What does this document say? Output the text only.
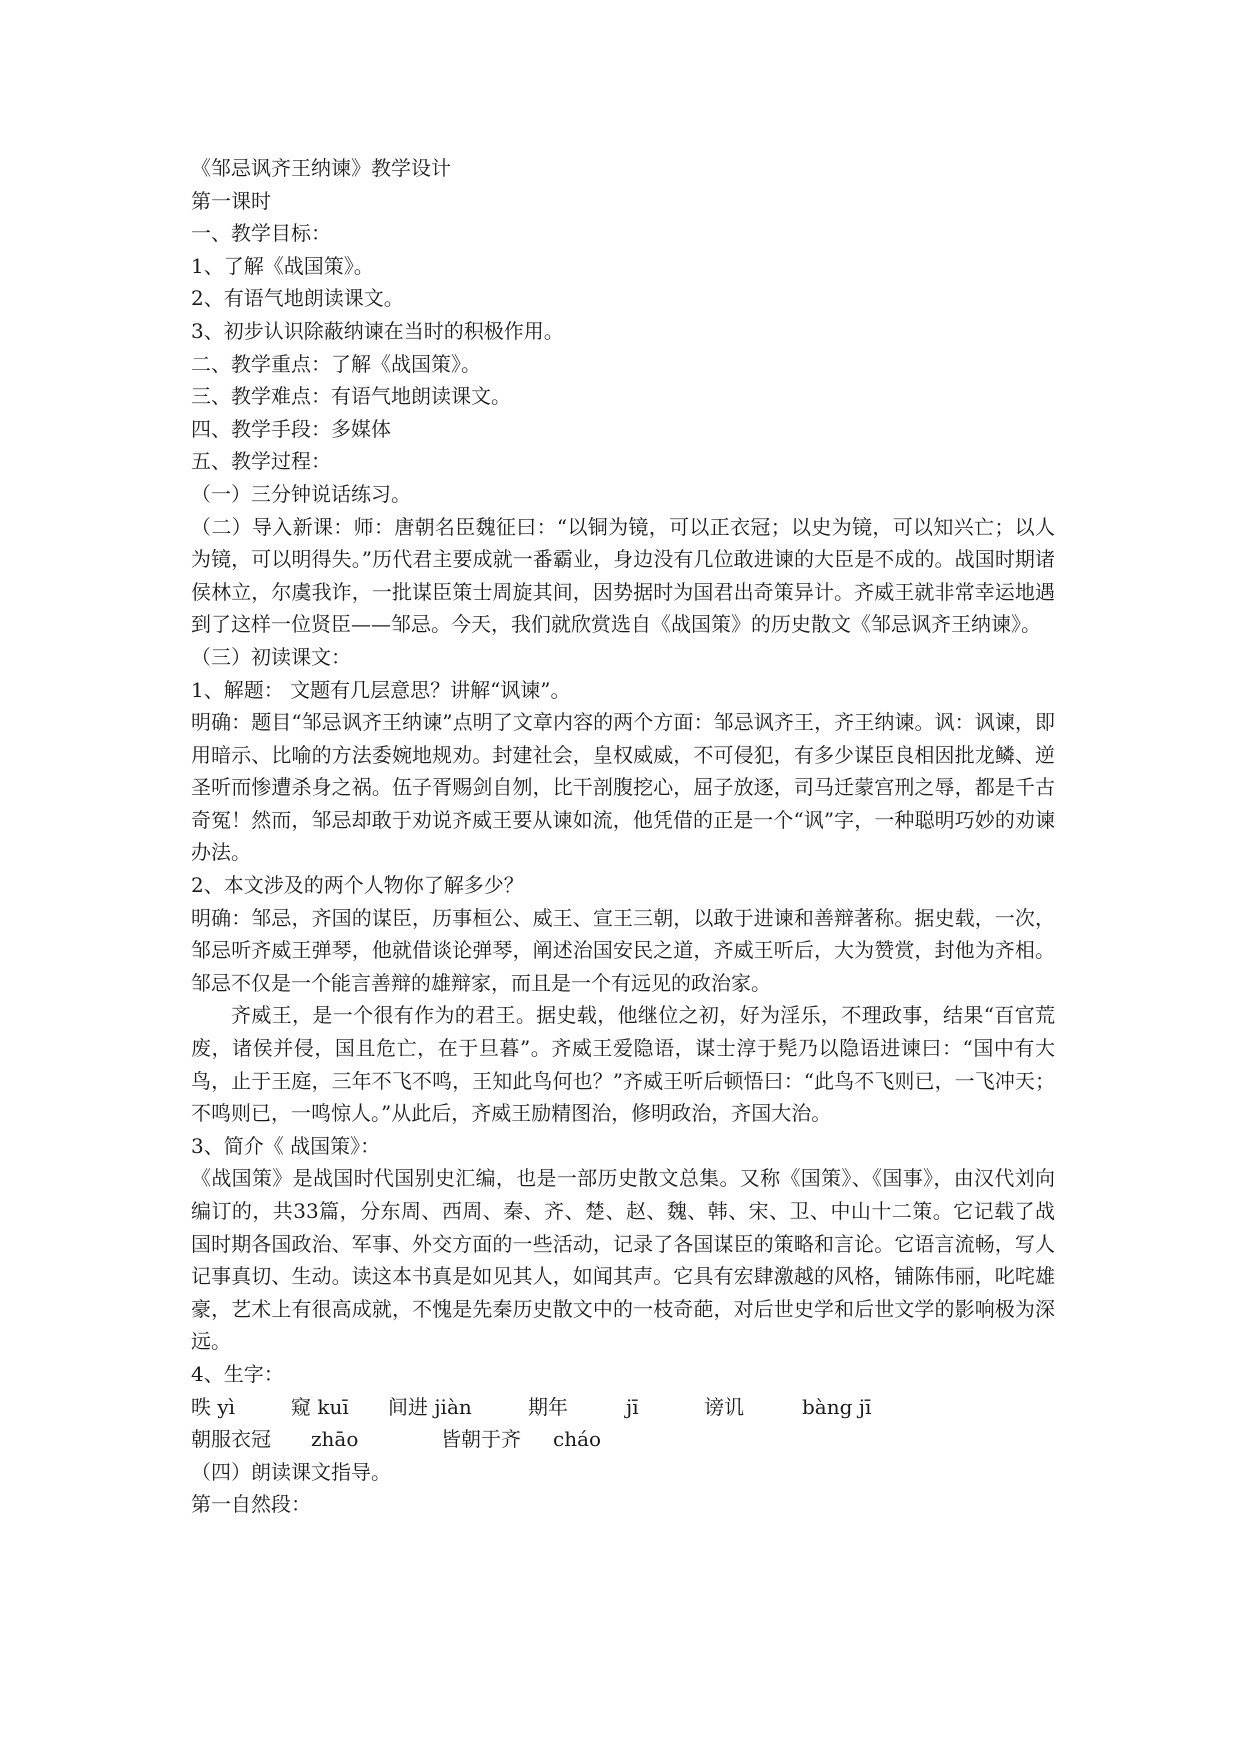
《邹忌讽齐王纳谏》教学设计
第一课时
一、教学目标：
1、了解《战国策》。
2、有语气地朗读课文。
3、初步认识除蔽纳谏在当时的积极作用。
二、教学重点：了解《战国策》。
三、教学难点：有语气地朗读课文。
四、教学手段：多媒体
五、教学过程：
（一）三分钟说话练习。
（二）导入新课：师：唐朝名臣魏征曰：“以铜为镜，可以正衣冠；以史为镜，可以知兴亡；以人为镜，可以明得失。”历代君主要成就一番霸业，身边没有几位敢进谏的大臣是不成的。战国时期诸侯林立，尔虞我诈，一批谋臣策士周旋其间，因势据时为国君出奇策异计。齐威王就非常幸运地遇到了这样一位贤臣——邹忌。今天，我们就欣赏选自《战国策》的历史散文《邹忌讽齐王纳谏》。
（三）初读课文：
1、解题： 文题有几层意思？讲解“讽谏”。
明确：题目“邹忌讽齐王纳谏”点明了文章内容的两个方面：邹忌讽齐王，齐王纳谏。讽：讽谏，即用暗示、比喻的方法委婉地规劝。封建社会，皇权威威，不可侵犯，有多少谋臣良相因批龙鳞、逆圣听而惨遭杀身之祸。伍子胥赐剑自刎，比干剖腹挖心，屈子放逐，司马迁蒙宫刑之辱，都是千古奇冤！然而，邹忌却敢于劝说齐威王要从谏如流，他凭借的正是一个“讽”字，一种聪明巧妙的劝谏办法。
2、本文涉及的两个人物你了解多少？
明确：邹忌，齐国的谋臣，历事桓公、威王、宣王三朝，以敢于进谏和善辩著称。据史载，一次，邹忌听齐威王弹琴，他就借谈论弹琴，阐述治国安民之道，齐威王听后，大为赞赏，封他为齐相。邹忌不仅是一个能言善辩的雄辩家，而且是一个有远见的政治家。
齐威王，是一个很有作为的君王。据史载，他继位之初，好为淫乐，不理政事，结果“百官荒废，诸侯并侵，国且危亡，在于旦暮”。齐威王爱隐语，谋士淳于髡乃以隐语进谏曰：“国中有大鸟，止于王庭，三年不飞不鸣，王知此鸟何也？”齐威王听后顿悟曰：“此鸟不飞则已，一飞冲天；不鸣则已，一鸣惊人。”从此后，齐威王励精图治，修明政治，齐国大治。
3、简介《 战国策》：
《战国策》是战国时代国别史汇编，也是一部历史散文总集。又称《国策》、《国事》，由汉代刘向编订的，共33篇，分东周、西周、秦、齐、楚、赵、魏、韩、宋、卫、中山十二策。它记载了战国时期各国政治、军事、外交方面的一些活动，记录了各国谋臣的策略和言论。它语言流畅，写人记事真切、生动。读这本书真是如见其人，如闻其声。它具有宏肆激越的风格，铺陈伟丽，叱咤雄豪，艺术上有很高成就，不愧是先秦历史散文中的一枝奇葩，对后世史学和后世文学的影响极为深远。
4、生字：
昳 yì	窥 kuī 间进 jiàn	期年	jī	谤讥	bàng jī
朝服衣冠 zhāo	皆朝于齐 cháo
（四）朗读课文指导。
第一自然段：
